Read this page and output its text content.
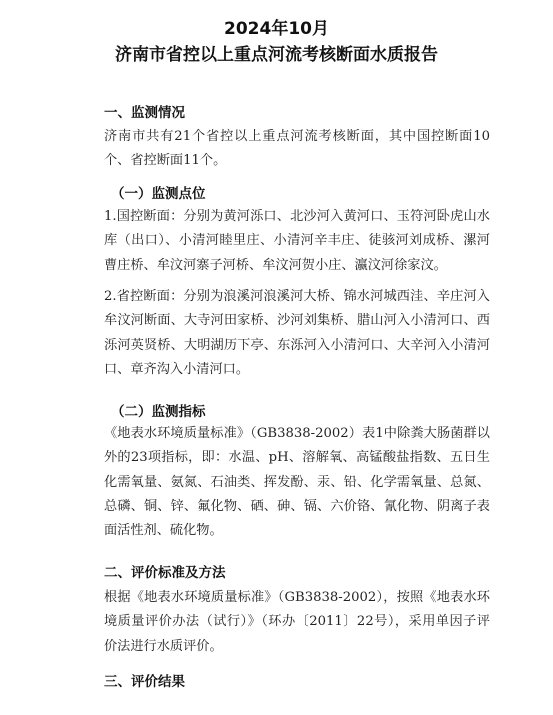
2024年10月
济南市省控以上重点河流考核断面水质报告
一、监测情况
济南市共有21个省控以上重点河流考核断面，其中国控断面10个、省控断面11个。
（一）监测点位
1.国控断面：分别为黄河泺口、北沙河入黄河口、玉符河卧虎山水库（出口）、小清河睦里庄、小清河辛丰庄、徒骇河刘成桥、漯河曹庄桥、牟汶河寨子河桥、牟汶河贺小庄、瀛汶河徐家汶。
2.省控断面：分别为浪溪河浪溪河大桥、锦水河城西洼、辛庄河入牟汶河断面、大寺河田家桥、沙河刘集桥、腊山河入小清河口、西泺河英贤桥、大明湖历下亭、东泺河入小清河口、大辛河入小清河口、章齐沟入小清河口。
（二）监测指标
《地表水环境质量标准》（GB3838-2002）表1中除粪大肠菌群以外的23项指标，即：水温、pH、溶解氧、高锰酸盐指数、五日生化需氧量、氨氮、石油类、挥发酚、汞、铅、化学需氧量、总氮、总磷、铜、锌、氟化物、硒、砷、镉、六价铬、氰化物、阴离子表面活性剂、硫化物。
二、评价标准及方法
根据《地表水环境质量标准》（GB3838-2002），按照《地表水环境质量评价办法（试行）》（环办〔2011〕22号），采用单因子评价法进行水质评价。
三、评价结果
